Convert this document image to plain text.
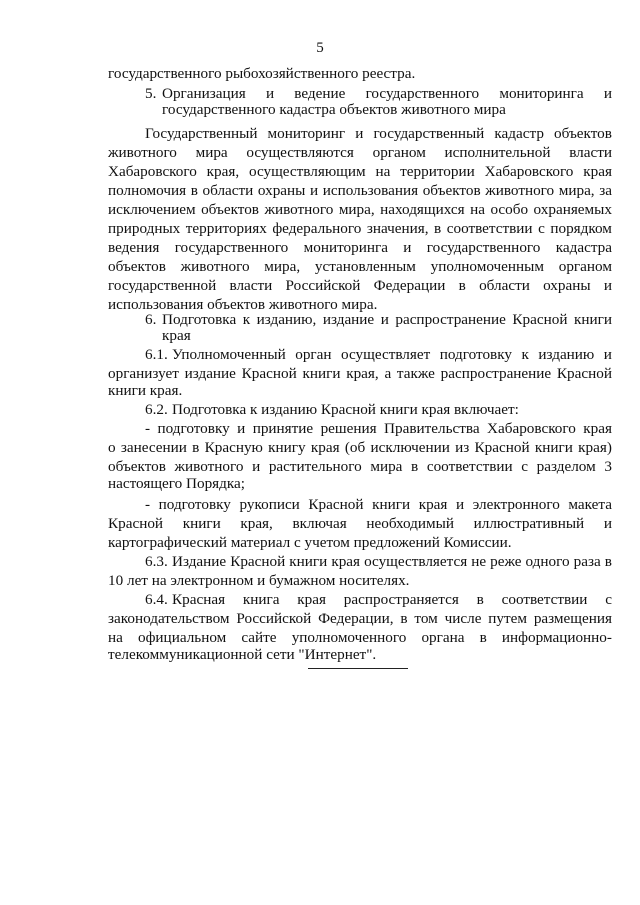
5
государственного рыбохозяйственного реестра.
5. Организация и ведение государственного мониторинга и
государственного кадастра объектов животного мира
Государственный мониторинг и государственный кадастр объектов
животного мира осуществляются органом исполнительной власти
Хабаровского края, осуществляющим на территории Хабаровского края
полномочия в области охраны и использования объектов животного мира, за
исключением объектов животного мира, находящихся на особо охраняемых
природных территориях федерального значения, в соответствии с порядком
ведения государственного мониторинга и государственного кадастра
объектов животного мира, установленным уполномоченным органом
государственной власти Российской Федерации в области охраны и
использования объектов животного мира.
6. Подготовка к изданию, издание и распространение Красной книги
края
6.1. Уполномоченный орган осуществляет подготовку к изданию и
организует издание Красной книги края, а также распространение Красной
книги края.
6.2. Подготовка к изданию Красной книги края включает:
- подготовку и принятие решения Правительства Хабаровского края
о занесении в Красную книгу края (об исключении из Красной книги края)
объектов животного и растительного мира в соответствии с разделом 3
настоящего Порядка;
- подготовку рукописи Красной книги края и электронного макета
Красной книги края, включая необходимый иллюстративный и
картографический материал с учетом предложений Комиссии.
6.3. Издание Красной книги края осуществляется не реже одного раза в
10 лет на электронном и бумажном носителях.
6.4. Красная книга края распространяется в соответствии с
законодательством Российской Федерации, в том числе путем размещения
на официальном сайте уполномоченного органа в информационно-
телекоммуникационной сети "Интернет".
